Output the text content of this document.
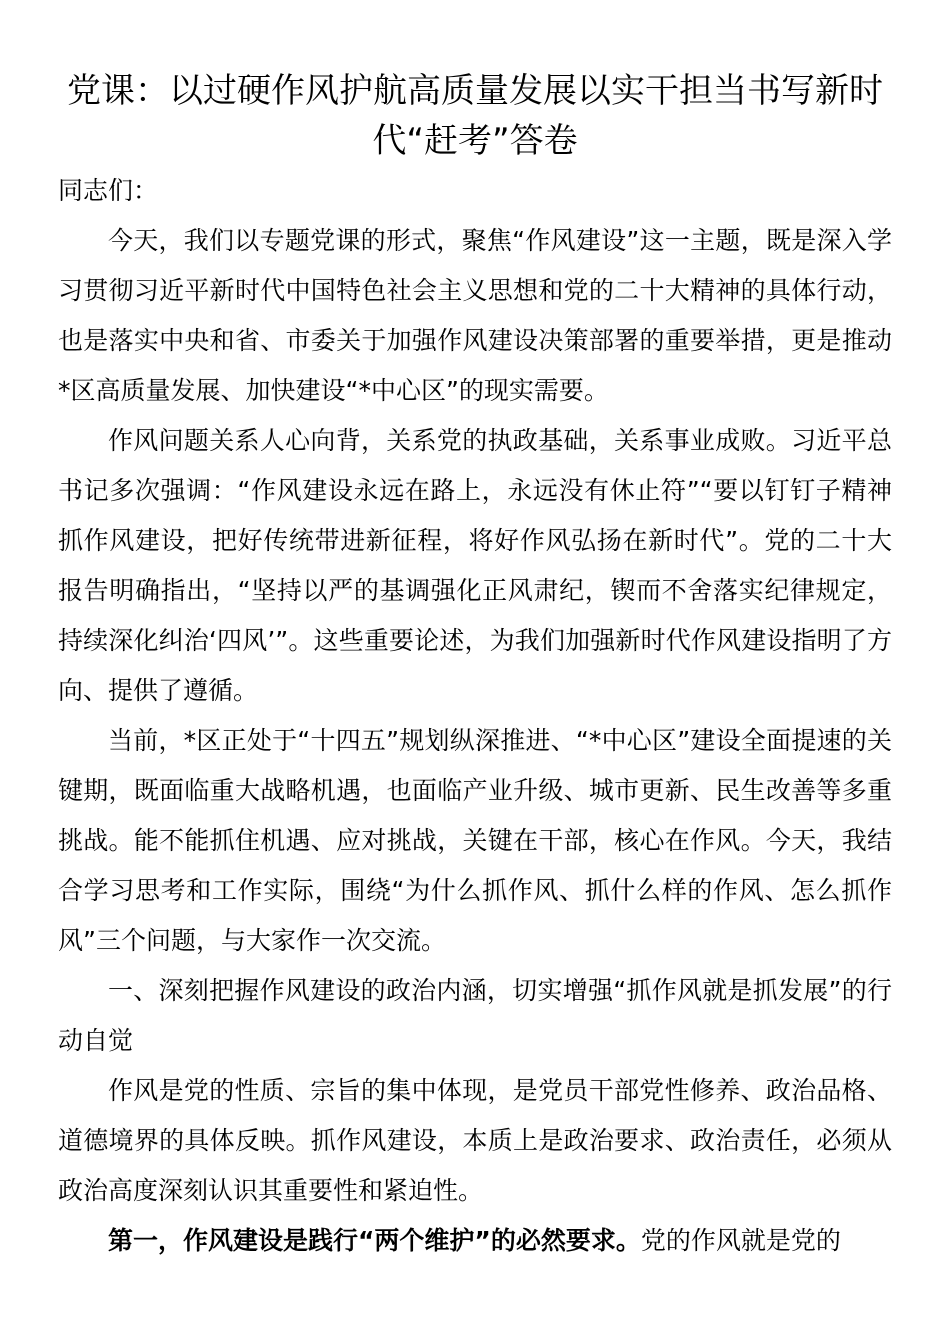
党课：以过硬作风护航高质量发展以实干担当书写新时代“赶考”答卷

同志们：

今天，我们以专题党课的形式，聚焦“作风建设”这一主题，既是深入学习贯彻习近平新时代中国特色社会主义思想和党的二十大精神的具体行动，也是落实中央和省、市委关于加强作风建设决策部署的重要举措，更是推动*区高质量发展、加快建设“*中心区”的现实需要。

作风问题关系人心向背，关系党的执政基础，关系事业成败。习近平总书记多次强调：“作风建设永远在路上，永远没有休止符”“要以钉钉子精神抓作风建设，把好传统带进新征程，将好作风弘扬在新时代”。党的二十大报告明确指出，“坚持以严的基调强化正风肃纪，锲而不舍落实纪律规定，持续深化纠治‘四风’”。这些重要论述，为我们加强新时代作风建设指明了方向、提供了遵循。

当前，*区正处于“十四五”规划纵深推进、“*中心区”建设全面提速的关键期，既面临重大战略机遇，也面临产业升级、城市更新、民生改善等多重挑战。能不能抓住机遇、应对挑战，关键在干部，核心在作风。今天，我结合学习思考和工作实际，围绕“为什么抓作风、抓什么样的作风、怎么抓作风”三个问题，与大家作一次交流。

一、深刻把握作风建设的政治内涵，切实增强“抓作风就是抓发展”的行动自觉

作风是党的性质、宗旨的集中体现，是党员干部党性修养、政治品格、道德境界的具体反映。抓作风建设，本质上是政治要求、政治责任，必须从政治高度深刻认识其重要性和紧迫性。

第一，作风建设是践行“两个维护”的必然要求。党的作风就是党的
